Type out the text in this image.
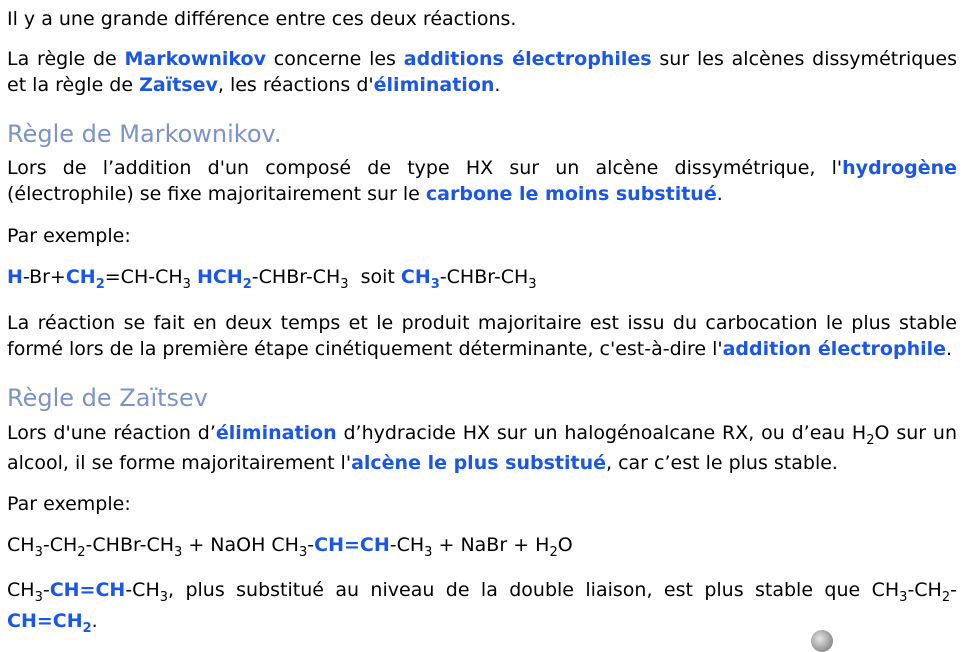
Il y a une grande différence entre ces deux réactions.
La règle de Markownikov concerne les additions électrophiles sur les alcènes dissymétriques
et la règle de Zaïtsev, les réactions d'élimination.
Règle de Markownikov.
Lors de l’addition d'un composé de type HX sur un alcène dissymétrique, l'hydrogène
(électrophile) se fixe majoritairement sur le carbone le moins substitué.
Par exemple:
$H-Br+CH_2=CH-CH_3$ $HCH_2-CHBr-CH_3$  soit $CH_3-CHBr-CH_3$
La réaction se fait en deux temps et le produit majoritaire est issu du carbocation le plus stable
formé lors de la première étape cinétiquement déterminante, c'est-à-dire l'addition électrophile.
Règle de Zaïtsev
Lors d'une réaction d’élimination d’hydracide HX sur un halogénoalcane RX, ou d’eau $H_2O$ sur un
alcool, il se forme majoritairement l'alcène le plus substitué, car c’est le plus stable.
Par exemple:
$CH_3-CH_2-CHBr-CH_3$ + NaOH $CH_3-CH=CH-CH_3$ + NaBr + $H_2O$
$CH_3-CH=CH-CH_3$, plus substitué au niveau de la double liaison, est plus stable que $CH_3-CH_2-$
$CH=CH_2$.
